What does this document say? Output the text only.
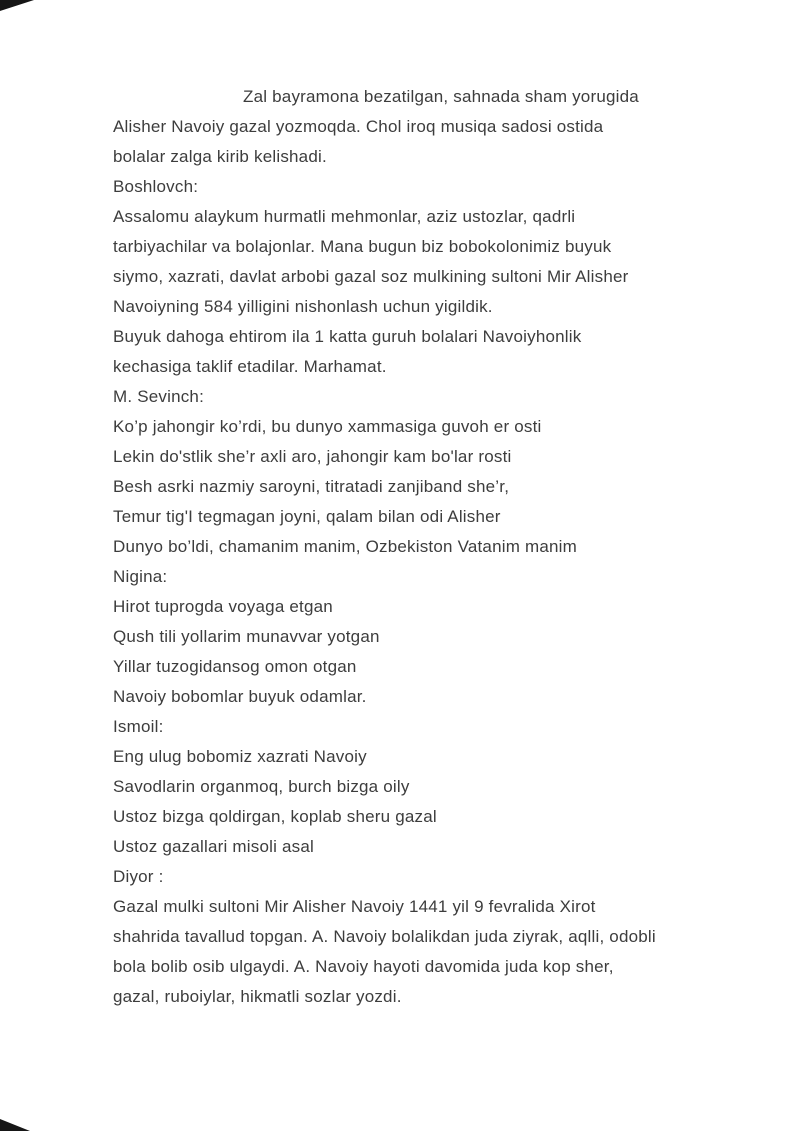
Zal bayramona bezatilgan, sahnada sham yorugida
Alisher Navoiy gazal yozmoqda. Chol iroq musiqa sadosi ostida
bolalar zalga kirib kelishadi.
Boshlovch:
Assalomu alaykum hurmatli mehmonlar, aziz ustozlar, qadrli
tarbiyachilar va bolajonlar. Mana bugun biz bobokolonimiz buyuk
siymo, xazrati, davlat arbobi gazal soz mulkining sultoni Mir Alisher
Navoiyning 584 yilligini nishonlash uchun yigildik.
Buyuk dahoga ehtirom ila 1 katta guruh bolalari Navoiyhonlik
kechasiga taklif etadilar. Marhamat.
M. Sevinch:
Ko’p jahongir ko’rdi, bu dunyo xammasiga guvoh er osti
Lekin do'stlik she’r axli aro, jahongir kam bo'lar rosti
Besh asrki nazmiy saroyni, titratadi zanjiband she’r,
Temur tig'I tegmagan joyni, qalam bilan odi Alisher
Dunyo bo’ldi, chamanim manim, Ozbekiston Vatanim manim
Nigina:
Hirot tuprogda voyaga etgan
Qush tili yollarim munavvar yotgan
Yillar tuzogidansog omon otgan
Navoiy bobomlar buyuk odamlar.
Ismoil:
Eng ulug bobomiz xazrati Navoiy
Savodlarin organmoq, burch bizga oily
Ustoz bizga qoldirgan, koplab sheru gazal
Ustoz gazallari misoli asal
Diyor :
Gazal mulki sultoni Mir Alisher Navoiy 1441 yil 9 fevralida Xirot
shahrida tavallud topgan. A. Navoiy bolalikdan juda ziyrak, aqlli, odobli
bola bolib osib ulgaydi. A. Navoiy hayoti davomida juda kop sher,
gazal, ruboiylar, hikmatli sozlar yozdi.
